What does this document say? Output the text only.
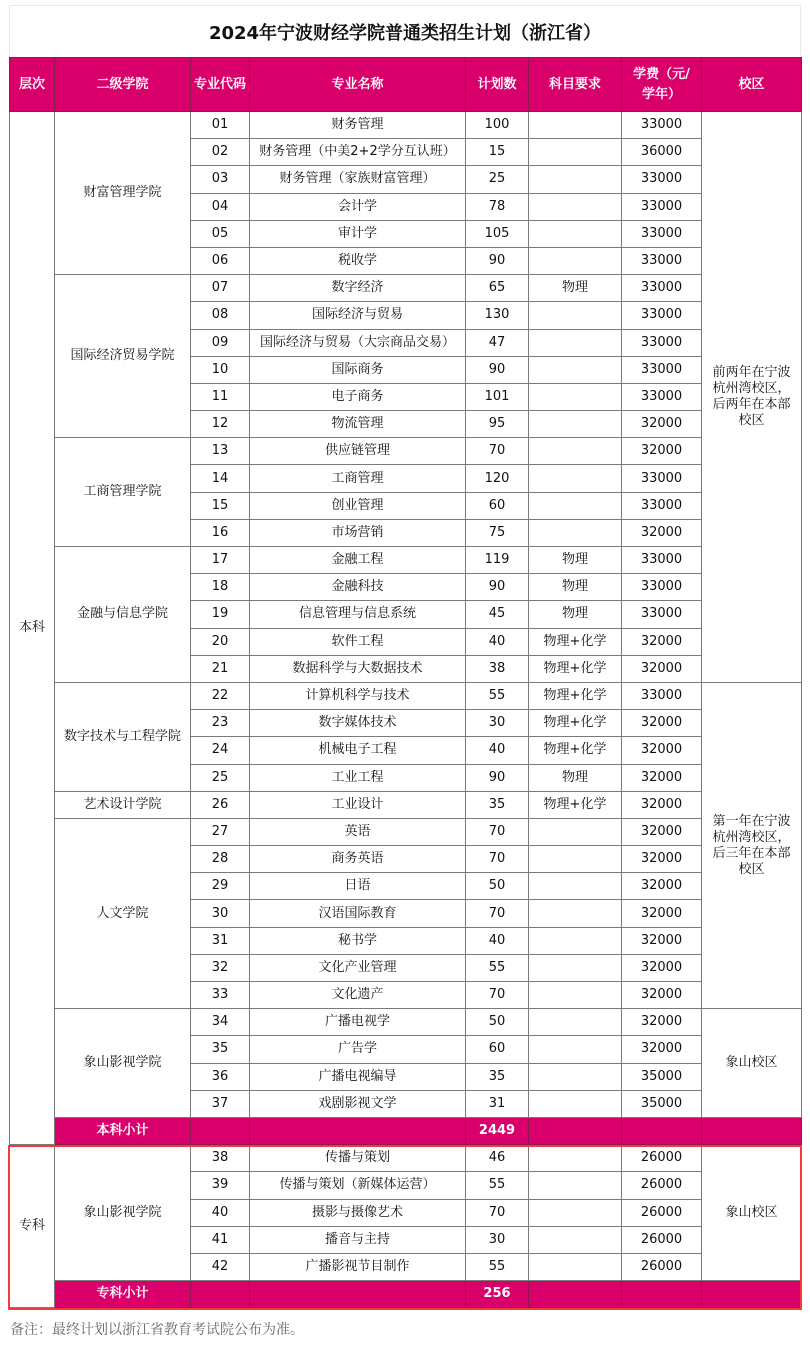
2024年宁波财经学院普通类招生计划（浙江省）
层次	二级学院	专业代码	专业名称	计划数	科目要求	学费（元/学年）	校区
本科	财富管理学院	01	财务管理	100		33000	前两年在宁波杭州湾校区，后两年在本部校区
		02	财务管理（中美2+2学分互认班）	15		36000	
		03	财务管理（家族财富管理）	25		33000	
		04	会计学	78		33000	
		05	审计学	105		33000	
		06	税收学	90		33000	
	国际经济贸易学院	07	数字经济	65	物理	33000	
		08	国际经济与贸易	130		33000	
		09	国际经济与贸易（大宗商品交易）	47		33000	
		10	国际商务	90		33000	
		11	电子商务	101		33000	
		12	物流管理	95		32000	
	工商管理学院	13	供应链管理	70		32000	
		14	工商管理	120		33000	
		15	创业管理	60		33000	
		16	市场营销	75		32000	
	金融与信息学院	17	金融工程	119	物理	33000	
		18	金融科技	90	物理	33000	
		19	信息管理与信息系统	45	物理	33000	
		20	软件工程	40	物理+化学	32000	
		21	数据科学与大数据技术	38	物理+化学	32000	
	数字技术与工程学院	22	计算机科学与技术	55	物理+化学	33000	第一年在宁波杭州湾校区，后三年在本部校区
		23	数字媒体技术	30	物理+化学	32000	
		24	机械电子工程	40	物理+化学	32000	
		25	工业工程	90	物理	32000	
	艺术设计学院	26	工业设计	35	物理+化学	32000	
	人文学院	27	英语	70		32000	
		28	商务英语	70		32000	
		29	日语	50		32000	
		30	汉语国际教育	70		32000	
		31	秘书学	40		32000	
		32	文化产业管理	55		32000	
		33	文化遗产	70		32000	
	象山影视学院	34	广播电视学	50		32000	象山校区
		35	广告学	60		32000	
		36	广播电视编导	35		35000	
		37	戏剧影视文学	31		35000	
	本科小计			2449			
专科	象山影视学院	38	传播与策划	46		26000	象山校区
		39	传播与策划（新媒体运营）	55		26000	
		40	摄影与摄像艺术	70		26000	
		41	播音与主持	30		26000	
		42	广播影视节目制作	55		26000	
	专科小计			256			
备注：最终计划以浙江省教育考试院公布为准。
